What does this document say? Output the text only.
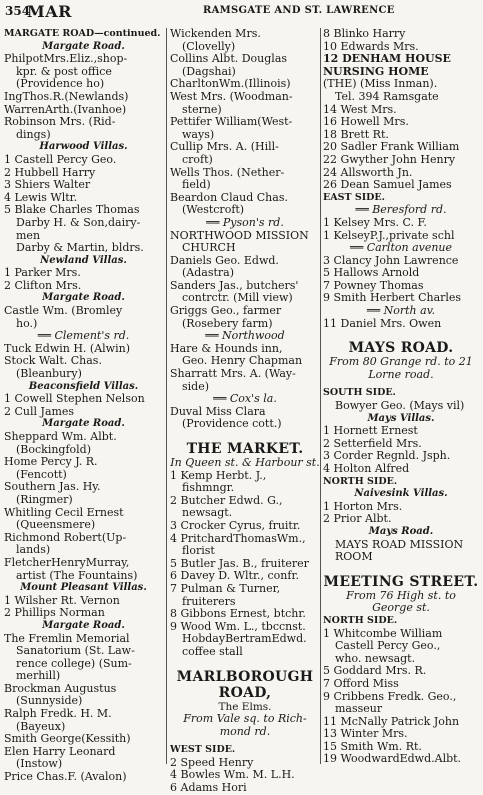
354
MAR	RAMSGATE AND ST. LAWRENCE
MARGATE ROAD—continued.
Margate Road.
PhilpotMrs.Eliz.,shop-
kpr. & post office
(Providence ho)
IngThos.R.(Newlands)
WarrenArth.(Ivanhoe)
Robinson Mrs. (Rid-
dings)
Harwood Villas.
1 Castell Percy Geo.
2 Hubbell Harry
3 Shiers Walter
4 Lewis Wltr.
5 Blake Charles Thomas
Darby H. & Son,dairy-
men
Darby & Martin, bldrs.
Newland Villas.
1 Parker Mrs.
2 Clifton Mrs.
Margate Road.
Castle Wm. (Bromley
ho.)
══ Clement's rd.
Tuck Edwin H. (Alwin)
Stock Walt. Chas.
(Bleanbury)
Beaconsfield Villas.
1 Cowell Stephen Nelson
2 Cull James
Margate Road.
Sheppard Wm. Albt.
(Bockingfold)
Home Percy J. R.
(Fencott)
Southern Jas. Hy.
(Ringmer)
Whitling Cecil Ernest
(Queensmere)
Richmond Robert(Up-
lands)
FletcherHenryMurray,
artist (The Fountains)
Mount Pleasant Villas.
1 Wilsher Rt. Vernon
2 Phillips Norman
Margate Road.
The Fremlin Memorial
Sanatorium (St. Law-
rence college) (Sum-
merhill)
Brockman Augustus
(Sunnyside)
Ralph Fredk. H. M.
(Bayeux)
Smith George(Kessith)
Elen Harry Leonard
(Instow)
Price Chas.F. (Avalon)
Wickenden Mrs.
(Clovelly)
Collins Albt. Douglas
(Dagshai)
CharltonWm.(Illinois)
West Mrs. (Woodman-
sterne)
Pettifer William(West-
ways)
Cullip Mrs. A. (Hill-
croft)
Wells Thos. (Nether-
field)
Beardon Claud Chas.
(Westcroft)
══ Pyson's rd.
NORTHWOOD MISSION
CHURCH
Daniels Geo. Edwd.
(Adastra)
Sanders Jas., butchers'
contrctr. (Mill view)
Griggs Geo., farmer
(Rosebery farm)
══ Northwood
Hare & Hounds inn,
Geo. Henry Chapman
Sharratt Mrs. A. (Way-
side)
══ Cox's la.
Duval Miss Clara
(Providence cott.)
THE MARKET.
In Queen st. & Harbour st.
1 Kemp Herbt. J.,
fishmngr.
2 Butcher Edwd. G.,
newsagt.
3 Crocker Cyrus, fruitr.
4 PritchardThomasWm.,
florist
5 Butler Jas. B., fruiterer
6 Davey D. Wltr., confr.
7 Pulman & Turner,
fruiterers
8 Gibbons Ernest, btchr.
9 Wood Wm. L., tbccnst.
HobdayBertramEdwd.
coffee stall
MARLBOROUGH
ROAD,
The Elms.
From Vale sq. to Rich-
mond rd.
WEST SIDE.
2 Speed Henry
4 Bowles Wm. M. L.H.
6 Adams Hori
8 Blinko Harry
10 Edwards Mrs.
12 DENHAM HOUSE
NURSING HOME
(THE) (Miss Inman).
Tel. 394 Ramsgate
14 West Mrs.
16 Howell Mrs.
18 Brett Rt.
20 Sadler Frank William
22 Gwyther John Henry
24 Allsworth Jn.
26 Dean Samuel James
EAST SIDE.
══ Beresford rd.
1 Kelsey Mrs. C. F.
1 KelseyP.J.,private schl
══ Carlton avenue
3 Clancy John Lawrence
5 Hallows Arnold
7 Powney Thomas
9 Smith Herbert Charles
══ North av.
11 Daniel Mrs. Owen
MAYS ROAD.
From 80 Grange rd. to 21
Lorne road.
SOUTH SIDE.
Bowyer Geo. (Mays vil)
Mays Villas.
1 Hornett Ernest
2 Setterfield Mrs.
3 Corder Regnld. Jsph.
4 Holton Alfred
NORTH SIDE.
Naivesink Villas.
1 Horton Mrs.
2 Prior Albt.
Mays Road.
MAYS ROAD MISSION
ROOM
MEETING STREET.
From 76 High st. to
George st.
NORTH SIDE.
1 Whitcombe William
Castell Percy Geo.,
who. newsagt.
5 Goddard Mrs. R.
7 Offord Miss
9 Cribbens Fredk. Geo.,
masseur
11 McNally Patrick John
13 Winter Mrs.
15 Smith Wm. Rt.
19 WoodwardEdwd.Albt.
